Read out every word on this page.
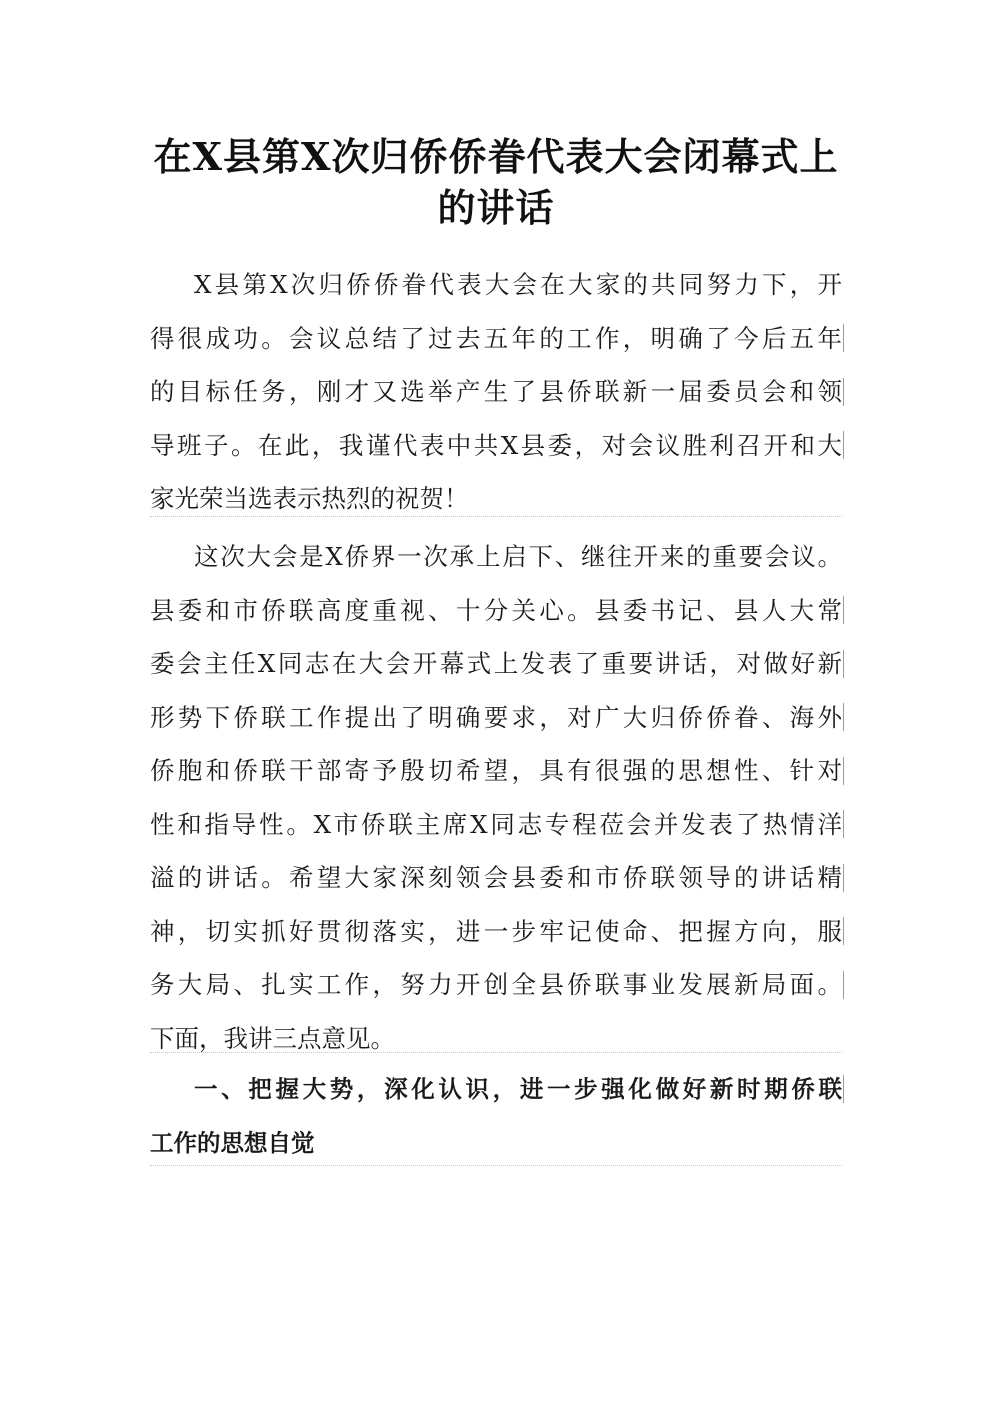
在X县第X次归侨侨眷代表大会闭幕式上
的讲话
X县第X次归侨侨眷代表大会在大家的共同努力下，开
得很成功。会议总结了过去五年的工作，明确了今后五年
的目标任务，刚才又选举产生了县侨联新一届委员会和领
导班子。在此，我谨代表中共X县委，对会议胜利召开和大
家光荣当选表示热烈的祝贺！
这次大会是X侨界一次承上启下、继往开来的重要会议。
县委和市侨联高度重视、十分关心。县委书记、县人大常
委会主任X同志在大会开幕式上发表了重要讲话，对做好新
形势下侨联工作提出了明确要求，对广大归侨侨眷、海外
侨胞和侨联干部寄予殷切希望，具有很强的思想性、针对
性和指导性。X市侨联主席X同志专程莅会并发表了热情洋
溢的讲话。希望大家深刻领会县委和市侨联领导的讲话精
神，切实抓好贯彻落实，进一步牢记使命、把握方向，服
务大局、扎实工作，努力开创全县侨联事业发展新局面。
下面，我讲三点意见。
一、把握大势，深化认识，进一步强化做好新时期侨联
工作的思想自觉
